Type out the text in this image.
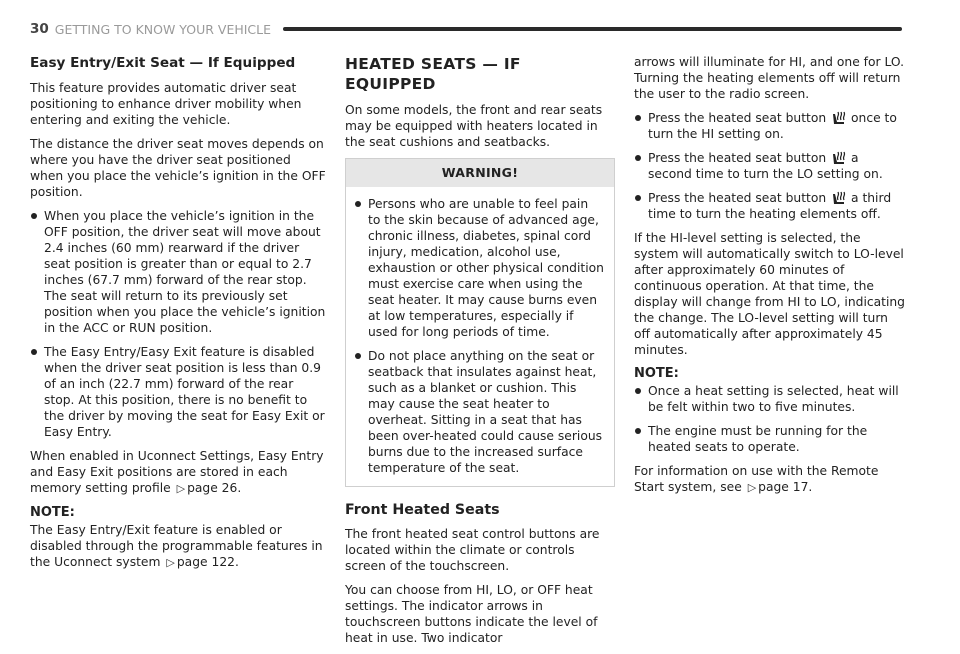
30 GETTING TO KNOW YOUR VEHICLE
Easy Entry/Exit Seat — If Equipped

This feature provides automatic driver seat positioning to enhance driver mobility when entering and exiting the vehicle.

The distance the driver seat moves depends on where you have the driver seat positioned when you place the vehicle’s ignition in the OFF position.

When you place the vehicle’s ignition in the OFF position, the driver seat will move about 2.4 inches (60 mm) rearward if the driver seat position is greater than or equal to 2.7 inches (67.7 mm) forward of the rear stop. The seat will return to its previously set position when you place the vehicle’s ignition in the ACC or RUN position.
The Easy Entry/Easy Exit feature is disabled when the driver seat position is less than 0.9 of an inch (22.7 mm) forward of the rear stop. At this position, there is no benefit to the driver by moving the seat for Easy Exit or Easy Entry.

When enabled in Uconnect Settings, Easy Entry and Easy Exit positions are stored in each memory setting profile ▷ page 26.

NOTE:

The Easy Entry/Exit feature is enabled or disabled through the programmable features in the Uconnect system ▷ page 122.

HEATED SEATS — IF EQUIPPED

On some models, the front and rear seats may be equipped with heaters located in the seat cushions and seatbacks.

WARNING!
Persons who are unable to feel pain to the skin because of advanced age, chronic illness, diabetes, spinal cord injury, medication, alcohol use, exhaustion or other physical condition must exercise care when using the seat heater. It may cause burns even at low temperatures, especially if used for long periods of time.
Do not place anything on the seat or seatback that insulates against heat, such as a blanket or cushion. This may cause the seat heater to overheat. Sitting in a seat that has been over-heated could cause serious burns due to the increased surface temperature of the seat.
Front Heated Seats

The front heated seat control buttons are located within the climate or controls screen of the touchscreen.

You can choose from HI, LO, or OFF heat settings. The indicator arrows in touchscreen buttons indicate the level of heat in use. Two indicator

arrows will illuminate for HI, and one for LO. Turning the heating elements off will return the user to the radio screen.

Press the heated seat button once to turn the HI setting on.
Press the heated seat button a second time to turn the LO setting on.
Press the heated seat button a third time to turn the heating elements off.

If the HI-level setting is selected, the system will automatically switch to LO-level after approximately 60 minutes of continuous operation. At that time, the display will change from HI to LO, indicating the change. The LO-level setting will turn off automatically after approximately 45 minutes.

NOTE:
Once a heat setting is selected, heat will be felt within two to five minutes.
The engine must be running for the heated seats to operate.

For information on use with the Remote Start system, see ▷ page 17.
